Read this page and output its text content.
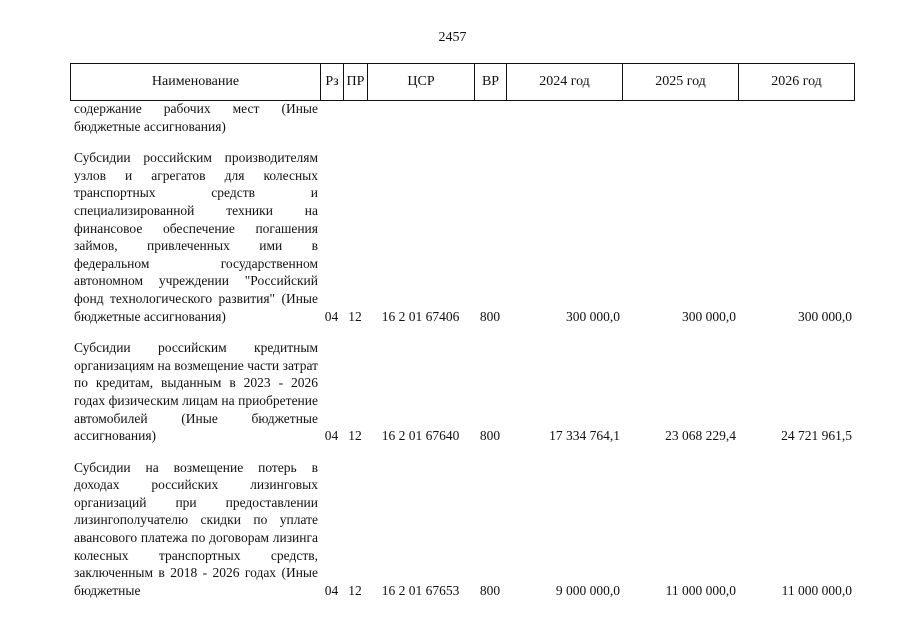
2457
Наименование	Рз	ПР	ЦСР	ВР	2024 год	2025 год	2026 год
содержание рабочих мест (Иные бюджетные ассигнования)							
Субсидии российским производителям узлов и агрегатов для колесных транспортных средств и специализированной техники на финансовое обеспечение погашения займов, привлеченных ими в федеральном государственном автономном учреждении "Российский фонд технологического развития" (Иные бюджетные ассигнования)	04	12	16 2 01 67406	800	300 000,0	300 000,0	300 000,0
Субсидии российским кредитным организациям на возмещение части затрат по кредитам, выданным в 2023 - 2026 годах физическим лицам на приобретение автомобилей (Иные бюджетные ассигнования)	04	12	16 2 01 67640	800	17 334 764,1	23 068 229,4	24 721 961,5
Субсидии на возмещение потерь в доходах российских лизинговых организаций при предоставлении лизингополучателю скидки по уплате авансового платежа по договорам лизинга колесных транспортных средств, заключенным в 2018 - 2026 годах (Иные бюджетные	04	12	16 2 01 67653	800	9 000 000,0	11 000 000,0	11 000 000,0
